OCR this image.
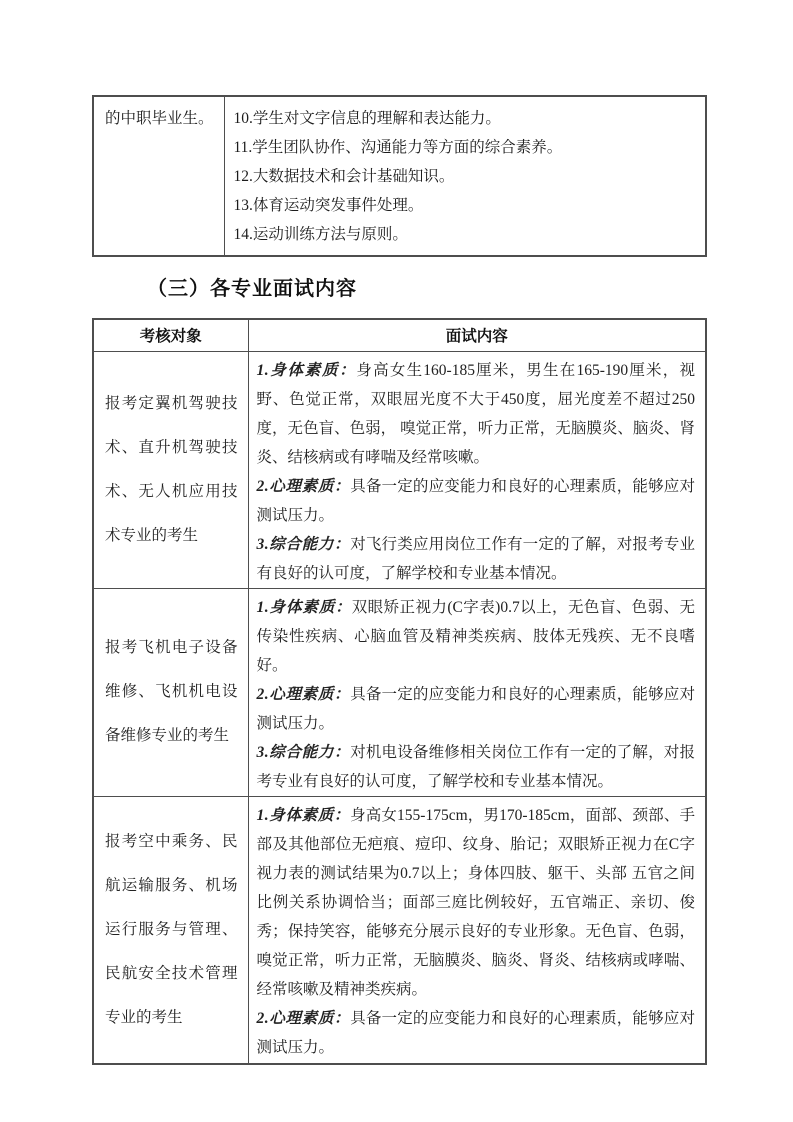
的中职毕业生。	10.学生对文字信息的理解和表达能力。

11.学生团队协作、沟通能力等方面的综合素养。

12.大数据技术和会计基础知识。

13.体育运动突发事件处理。

14.运动训练方法与原则。

（三）各专业面试内容
考核对象	面试内容
报考定翼机驾驶技术、直升机驾驶技术、无人机应用技术专业的考生	1.身体素质：身高女生160-185厘米，男生在165-190厘米，视野、色觉正常，双眼屈光度不大于450度，屈光度差不超过250度，无色盲、色弱， 嗅觉正常，听力正常，无脑膜炎、脑炎、肾炎、结核病或有哮喘及经常咳嗽。

2.心理素质：具备一定的应变能力和良好的心理素质，能够应对测试压力。

3.综合能力：对飞行类应用岗位工作有一定的了解，对报考专业有良好的认可度，了解学校和专业基本情况。

报考飞机电子设备维修、飞机机电设备维修专业的考生	1.身体素质：双眼矫正视力(C字表)0.7以上，无色盲、色弱、无传染性疾病、心脑血管及精神类疾病、肢体无残疾、无不良嗜好。

2.心理素质：具备一定的应变能力和良好的心理素质，能够应对测试压力。

3.综合能力：对机电设备维修相关岗位工作有一定的了解，对报考专业有良好的认可度，了解学校和专业基本情况。

报考空中乘务、民航运输服务、机场运行服务与管理、民航安全技术管理专业的考生	1.身体素质：身高女155-175cm，男170-185cm，面部、颈部、手部及其他部位无疤痕、痘印、纹身、胎记；双眼矫正视力在C字视力表的测试结果为0.7以上；身体四肢、躯干、头部 五官之间比例关系协调恰当；面部三庭比例较好，五官端正、亲切、俊秀；保持笑容，能够充分展示良好的专业形象。无色盲、色弱，嗅觉正常，听力正常，无脑膜炎、脑炎、肾炎、结核病或哮喘、经常咳嗽及精神类疾病。

2.心理素质：具备一定的应变能力和良好的心理素质，能够应对测试压力。
